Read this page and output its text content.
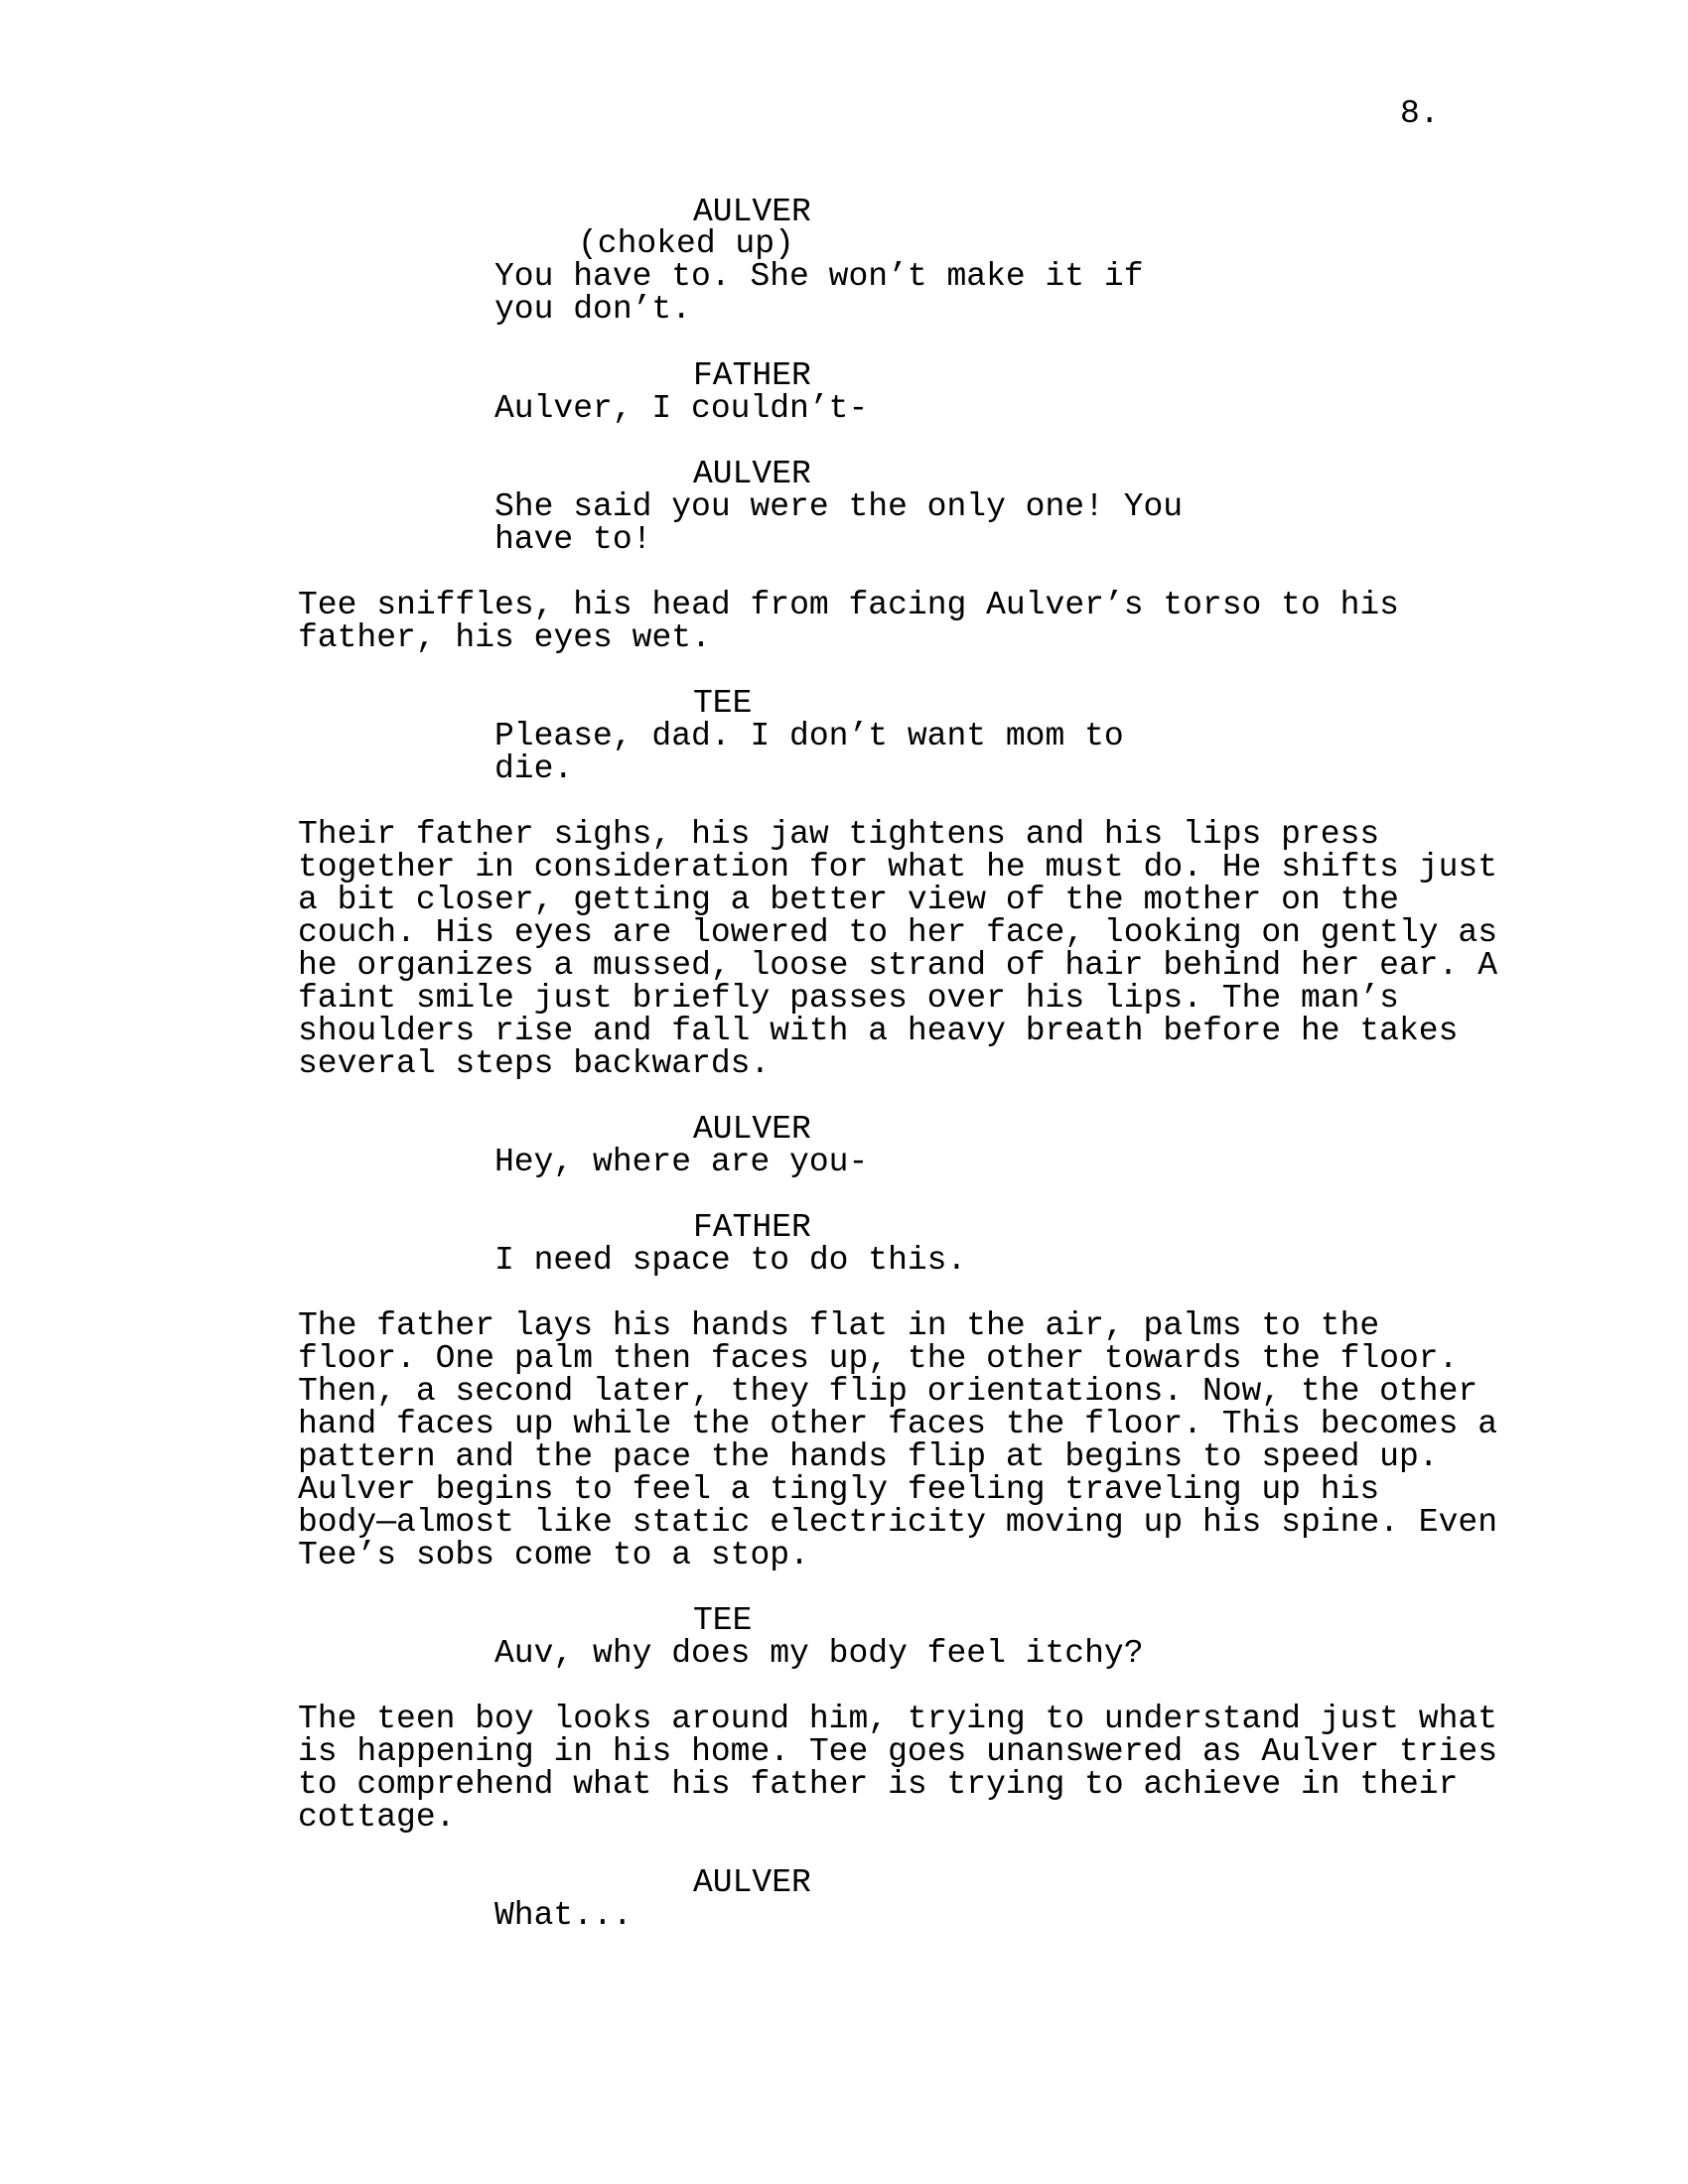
8.
AULVER
(choked up)
You have to. She won’t make it if
you don’t.
FATHER
Aulver, I couldn’t-
AULVER
She said you were the only one! You
have to!
Tee sniffles, his head from facing Aulver’s torso to his
father, his eyes wet.
TEE
Please, dad. I don’t want mom to
die.
Their father sighs, his jaw tightens and his lips press
together in consideration for what he must do. He shifts just
a bit closer, getting a better view of the mother on the
couch. His eyes are lowered to her face, looking on gently as
he organizes a mussed, loose strand of hair behind her ear. A
faint smile just briefly passes over his lips. The man’s
shoulders rise and fall with a heavy breath before he takes
several steps backwards.
AULVER
Hey, where are you-
FATHER
I need space to do this.
The father lays his hands flat in the air, palms to the
floor. One palm then faces up, the other towards the floor.
Then, a second later, they flip orientations. Now, the other
hand faces up while the other faces the floor. This becomes a
pattern and the pace the hands flip at begins to speed up.
Aulver begins to feel a tingly feeling traveling up his
body—almost like static electricity moving up his spine. Even
Tee’s sobs come to a stop.
TEE
Auv, why does my body feel itchy?
The teen boy looks around him, trying to understand just what
is happening in his home. Tee goes unanswered as Aulver tries
to comprehend what his father is trying to achieve in their
cottage.
AULVER
What...
